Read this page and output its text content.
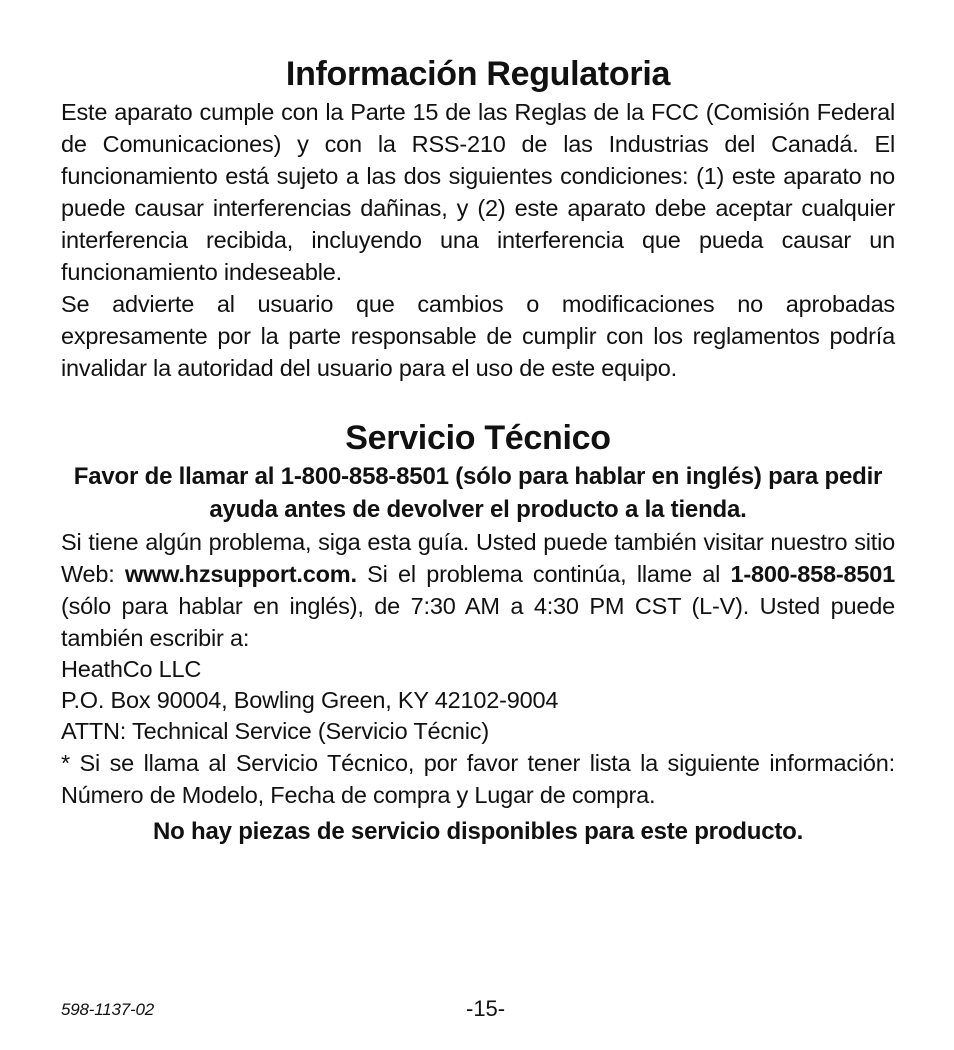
Información Regulatoria

Este aparato cumple con la Parte 15 de las Reglas de la FCC (Comisión Federal de Comunicaciones) y con la RSS-210 de las Industrias del Canadá. El funcionamiento está sujeto a las dos siguientes condiciones: (1) este aparato no puede causar interferencias dañinas, y (2) este aparato debe aceptar cualquier interferencia recibida, incluyendo una interferencia que pueda causar un funcionamiento indeseable.

Se advierte al usuario que cambios o modificaciones no aprobadas expresamente por la parte responsable de cumplir con los reglamentos podría invalidar la autoridad del usuario para el uso de este equipo.

Servicio Técnico

Favor de llamar al 1-800-858-8501 (sólo para hablar en inglés) para pedir ayuda antes de devolver el producto a la tienda.

Si tiene algún problema, siga esta guía. Usted puede también visitar nuestro sitio Web: www.hzsupport.com. Si el problema continúa, llame al 1-800-858-8501 (sólo para hablar en inglés), de 7:30 AM a 4:30 PM CST (L-V). Usted puede también escribir a:

HeathCo LLC

P.O. Box 90004, Bowling Green, KY 42102-9004

ATTN: Technical Service (Servicio Técnic)

* Si se llama al Servicio Técnico, por favor tener lista la siguiente información: Número de Modelo, Fecha de compra y Lugar de compra.

No hay piezas de servicio disponibles para este producto.

598-1137-02	-15-
